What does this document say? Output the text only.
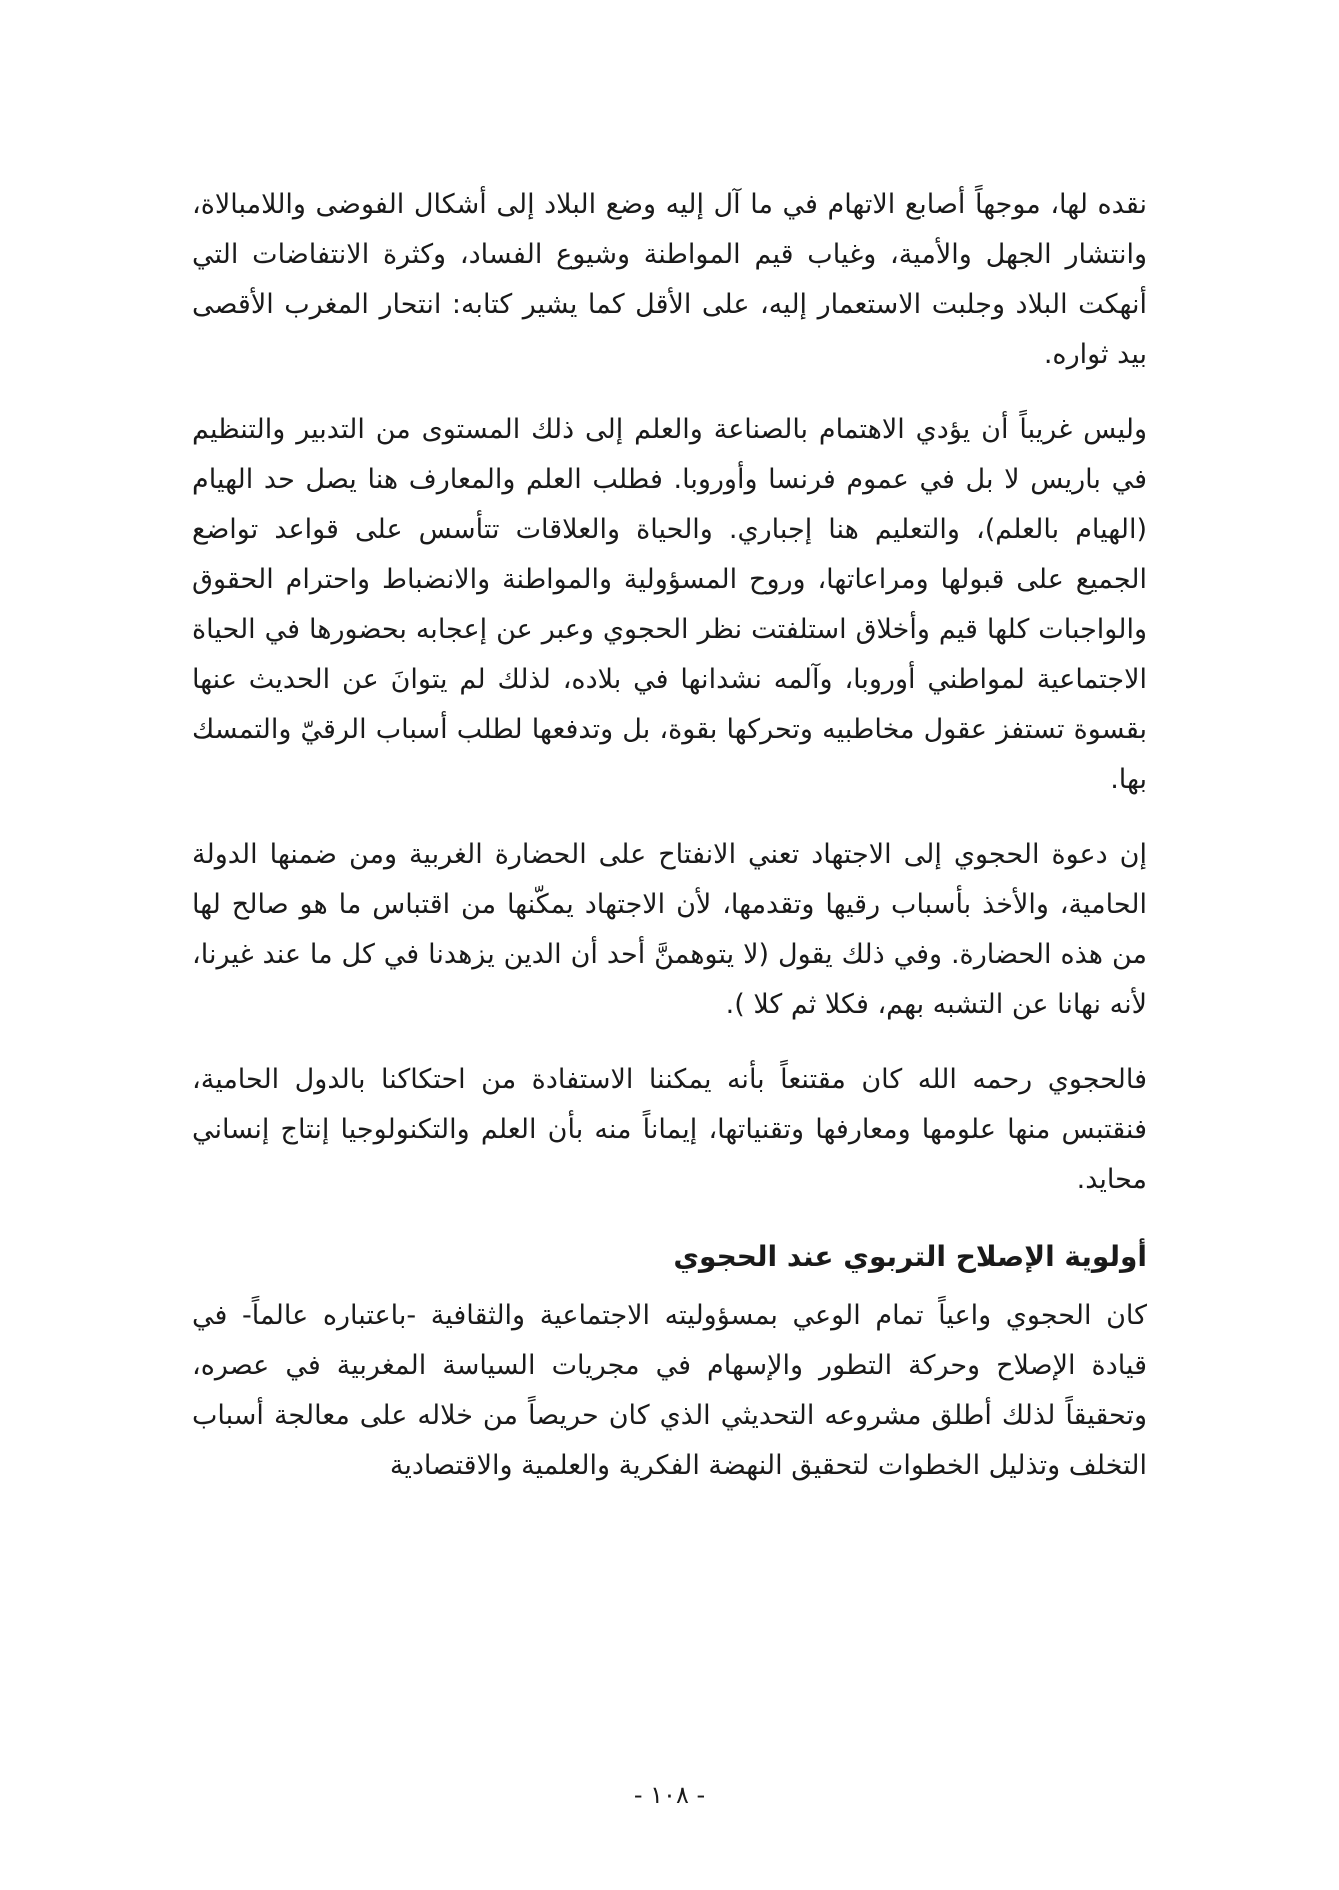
نقده لها، موجهاً أصابع الاتهام في ما آل إليه وضع البلاد إلى أشكال الفوضى واللامبالاة، وانتشار الجهل والأمية، وغياب قيم المواطنة وشيوع الفساد، وكثرة الانتفاضات التي أنهكت البلاد وجلبت الاستعمار إليه، على الأقل كما يشير كتابه: انتحار المغرب الأقصى بيد ثواره.

وليس غريباً أن يؤدي الاهتمام بالصناعة والعلم إلى ذلك المستوى من التدبير والتنظيم في باريس لا بل في عموم فرنسا وأوروبا. فطلب العلم والمعارف هنا يصل حد الهيام (الهيام بالعلم)، والتعليم هنا إجباري. والحياة والعلاقات تتأسس على قواعد تواضع الجميع على قبولها ومراعاتها، وروح المسؤولية والمواطنة والانضباط واحترام الحقوق والواجبات كلها قيم وأخلاق استلفتت نظر الحجوي وعبر عن إعجابه بحضورها في الحياة الاجتماعية لمواطني أوروبا، وآلمه نشدانها في بلاده، لذلك لم يتوانَ عن الحديث عنها بقسوة تستفز عقول مخاطبيه وتحركها بقوة، بل وتدفعها لطلب أسباب الرقيّ والتمسك بها.

إن دعوة الحجوي إلى الاجتهاد تعني الانفتاح على الحضارة الغربية ومن ضمنها الدولة الحامية، والأخذ بأسباب رقيها وتقدمها، لأن الاجتهاد يمكّنها من اقتباس ما هو صالح لها من هذه الحضارة. وفي ذلك يقول (لا يتوهمنَّ أحد أن الدين يزهدنا في كل ما عند غيرنا، لأنه نهانا عن التشبه بهم، فكلا ثم كلا ).

فالحجوي رحمه الله كان مقتنعاً بأنه يمكننا الاستفادة من احتكاكنا بالدول الحامية، فنقتبس منها علومها ومعارفها وتقنياتها، إيماناً منه بأن العلم والتكنولوجيا إنتاج إنساني محايد.

أولوية الإصلاح التربوي عند الحجوي

كان الحجوي واعياً تمام الوعي بمسؤوليته الاجتماعية والثقافية -باعتباره عالماً- في قيادة الإصلاح وحركة التطور والإسهام في مجريات السياسة المغربية في عصره، وتحقيقاً لذلك أطلق مشروعه التحديثي الذي كان حريصاً من خلاله على معالجة أسباب التخلف وتذليل الخطوات لتحقيق النهضة الفكرية والعلمية والاقتصادية

- ١٠٨ -
